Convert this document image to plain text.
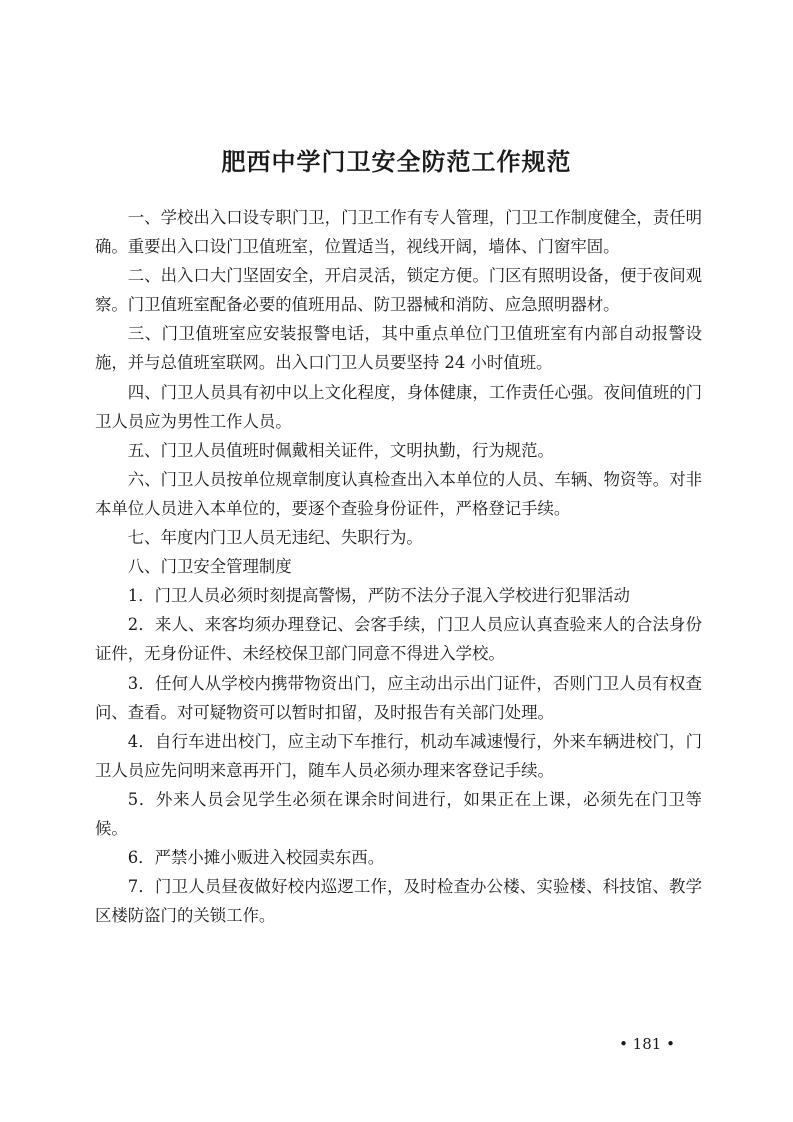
肥西中学门卫安全防范工作规范

一、学校出入口设专职门卫，门卫工作有专人管理，门卫工作制度健全，责任明确。重要出入口设门卫值班室，位置适当，视线开阔，墙体、门窗牢固。

二、出入口大门坚固安全，开启灵活，锁定方便。门区有照明设备，便于夜间观察。门卫值班室配备必要的值班用品、防卫器械和消防、应急照明器材。

三、门卫值班室应安装报警电话，其中重点单位门卫值班室有内部自动报警设施，并与总值班室联网。出入口门卫人员要坚持 24 小时值班。

四、门卫人员具有初中以上文化程度，身体健康，工作责任心强。夜间值班的门卫人员应为男性工作人员。

五、门卫人员值班时佩戴相关证件，文明执勤，行为规范。

六、门卫人员按单位规章制度认真检查出入本单位的人员、车辆、物资等。对非本单位人员进入本单位的，要逐个查验身份证件，严格登记手续。

七、年度内门卫人员无违纪、失职行为。

八、门卫安全管理制度

1．门卫人员必须时刻提高警惕，严防不法分子混入学校进行犯罪活动

2．来人、来客均须办理登记、会客手续，门卫人员应认真查验来人的合法身份证件，无身份证件、未经校保卫部门同意不得进入学校。

3．任何人从学校内携带物资出门，应主动出示出门证件，否则门卫人员有权查问、查看。对可疑物资可以暂时扣留，及时报告有关部门处理。

4．自行车进出校门，应主动下车推行，机动车减速慢行，外来车辆进校门，门卫人员应先问明来意再开门，随车人员必须办理来客登记手续。

5．外来人员会见学生必须在课余时间进行，如果正在上课，必须先在门卫等候。

6．严禁小摊小贩进入校园卖东西。

7．门卫人员昼夜做好校内巡逻工作，及时检查办公楼、实验楼、科技馆、教学区楼防盗门的关锁工作。

• 181 •
